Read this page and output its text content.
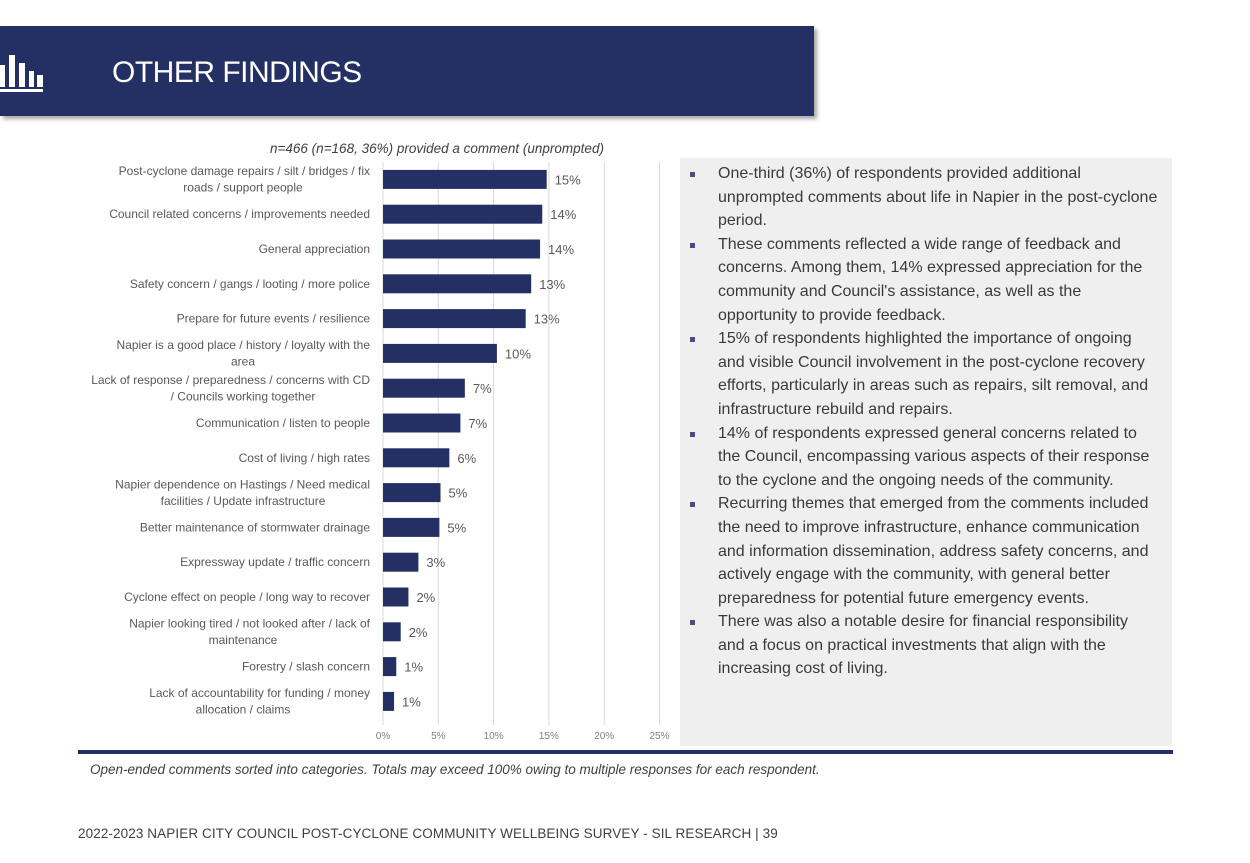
OTHER FINDINGS
n=466 (n=168, 36%) provided a comment (unprompted)
0%	5%	10%	15%	20%	25%
15%
Post-cyclone damage repairs / silt / bridges / fix
roads / support people
14%
Council related concerns / improvements needed
14%
General appreciation
13%
Safety concern / gangs / looting / more police
13%
Prepare for future events / resilience
10%
Napier is a good place / history / loyalty with the
area
7%
Lack of response / preparedness / concerns with CD
/ Councils working together
7%
Communication / listen to people
6%
Cost of living / high rates
5%
Napier dependence on Hastings / Need medical
facilities / Update infrastructure
5%
Better maintenance of stormwater drainage
3%
Expressway update / traffic concern
2%
Cyclone effect on people / long way to recover
2%
Napier looking tired / not looked after / lack of
maintenance
1%
Forestry / slash concern
1%
Lack of accountability for funding / money
allocation / claims
One-third (36%) of respondents provided additional unprompted comments about life in Napier in the post-cyclone period.
These comments reflected a wide range of feedback and concerns. Among them, 14% expressed appreciation for the community and Council's assistance, as well as the opportunity to provide feedback.
15% of respondents highlighted the importance of ongoing and visible Council involvement in the post-cyclone recovery efforts, particularly in areas such as repairs, silt removal, and infrastructure rebuild and repairs.
14% of respondents expressed general concerns related to the Council, encompassing various aspects of their response to the cyclone and the ongoing needs of the community.
Recurring themes that emerged from the comments included the need to improve infrastructure, enhance communication and information dissemination, address safety concerns, and actively engage with the community, with general better preparedness for potential future emergency events.
There was also a notable desire for financial responsibility and a focus on practical investments that align with the increasing cost of living.
Open-ended comments sorted into categories. Totals may exceed 100% owing to multiple responses for each respondent.
2022-2023 NAPIER CITY COUNCIL POST-CYCLONE COMMUNITY WELLBEING SURVEY - SIL RESEARCH | 39
